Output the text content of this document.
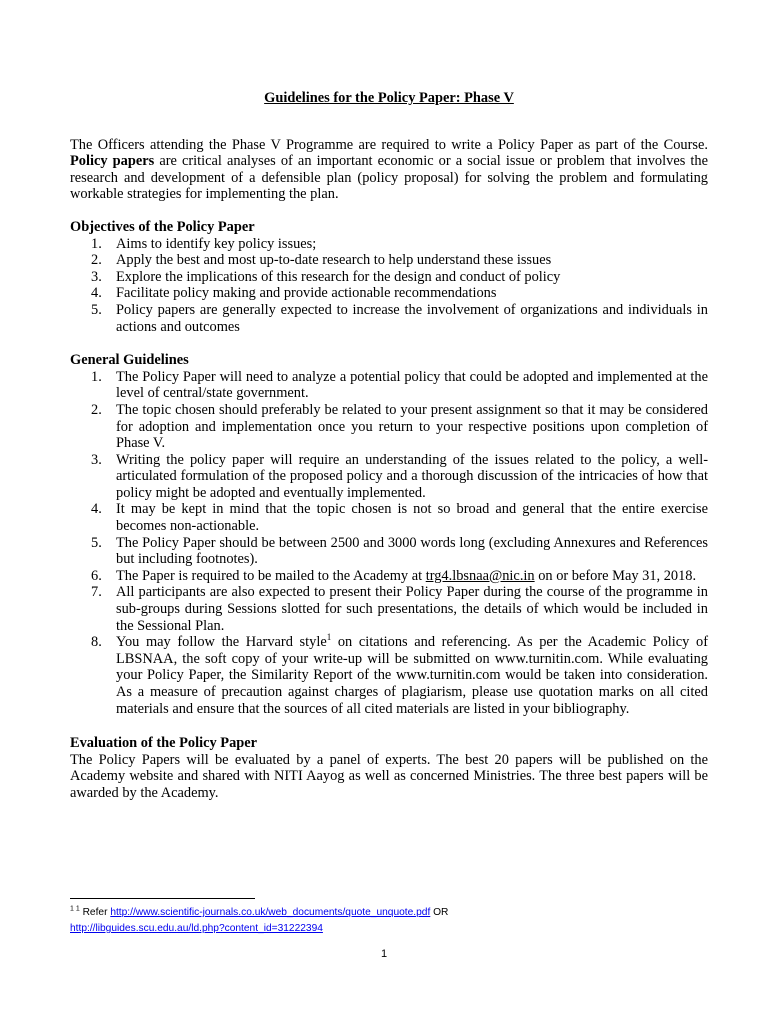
Guidelines for the Policy Paper: Phase V

The Officers attending the Phase V Programme are required to write a Policy Paper as part of the Course. Policy papers are critical analyses of an important economic or a social issue or problem that involves the research and development of a defensible plan (policy proposal) for solving the problem and formulating workable strategies for implementing the plan.

Objectives of the Policy Paper

1. Aims to identify key policy issues;
2. Apply the best and most up-to-date research to help understand these issues
3. Explore the implications of this research for the design and conduct of policy
4. Facilitate policy making and provide actionable recommendations
5. Policy papers are generally expected to increase the involvement of organizations and individuals in actions and outcomes

General Guidelines

1. The Policy Paper will need to analyze a potential policy that could be adopted and implemented at the level of central/state government.
2. The topic chosen should preferably be related to your present assignment so that it may be considered for adoption and implementation once you return to your respective positions upon completion of Phase V.
3. Writing the policy paper will require an understanding of the issues related to the policy, a well-articulated formulation of the proposed policy and a thorough discussion of the intricacies of how that policy might be adopted and eventually implemented.
4. It may be kept in mind that the topic chosen is not so broad and general that the entire exercise becomes non-actionable.
5. The Policy Paper should be between 2500 and 3000 words long (excluding Annexures and References but including footnotes).
6. The Paper is required to be mailed to the Academy at trg4.lbsnaa@nic.in on or before May 31, 2018.
7. All participants are also expected to present their Policy Paper during the course of the programme in sub-groups during Sessions slotted for such presentations, the details of which would be included in the Sessional Plan.
8. You may follow the Harvard style$^1$ on citations and referencing. As per the Academic Policy of LBSNAA, the soft copy of your write-up will be submitted on www.turnitin.com. While evaluating your Policy Paper, the Similarity Report of the www.turnitin.com would be taken into consideration. As a measure of precaution against charges of plagiarism, please use quotation marks on all cited materials and ensure that the sources of all cited materials are listed in your bibliography.

Evaluation of the Policy Paper

The Policy Papers will be evaluated by a panel of experts. The best 20 papers will be published on the Academy website and shared with NITI Aayog as well as concerned Ministries. The three best papers will be awarded by the Academy.

$^{1 1}$ Refer http://www.scientific-journals.co.uk/web_documents/quote_unquote.pdf OR
http://libguides.scu.edu.au/ld.php?content_id=31222394
1
